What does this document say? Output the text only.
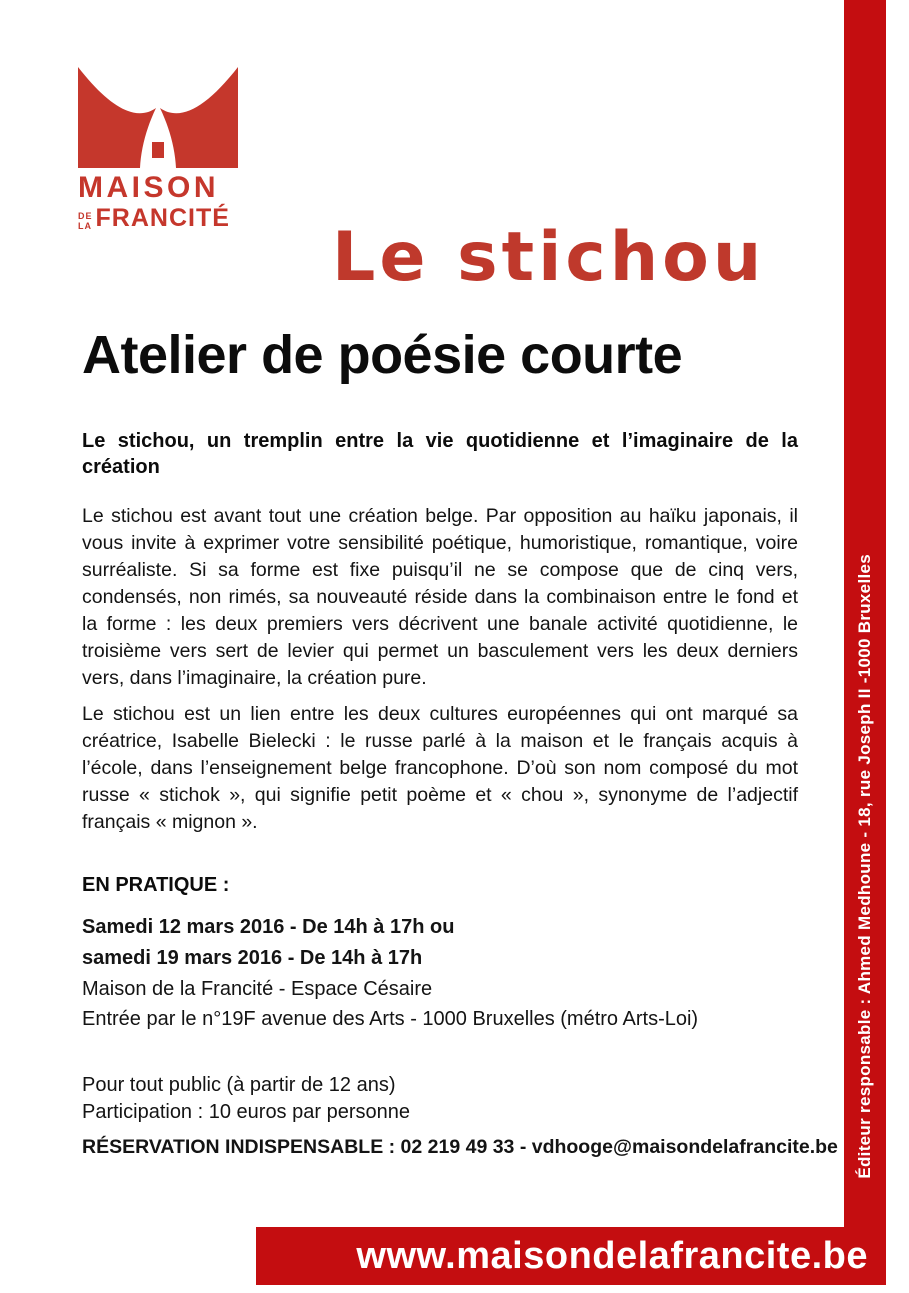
MAISON
DE
LA FRANCITÉ Le stichou
Atelier de poésie courte

Le stichou, un tremplin entre la vie quotidienne et l’imaginaire de la création

Le stichou est avant tout une création belge. Par opposition au haïku japonais, il vous invite à exprimer votre sensibilité poétique, humoristique, romantique, voire surréaliste. Si sa forme est fixe puisqu’il ne se compose que de cinq vers, condensés, non rimés, sa nouveauté réside dans la combinaison entre le fond et la forme : les deux premiers vers décrivent une banale activité quotidienne, le troisième vers sert de levier qui permet un basculement vers les deux derniers vers, dans l’imaginaire, la création pure.

Le stichou est un lien entre les deux cultures européennes qui ont marqué sa créatrice, Isabelle Bielecki : le russe parlé à la maison et le français acquis à l’école, dans l’enseignement belge francophone. D’où son nom composé du mot russe « stichok », qui signifie petit poème et « chou », synonyme de l’adjectif français « mignon ».

EN PRATIQUE :

Samedi 12 mars 2016 - De 14h à 17h ou

samedi 19 mars 2016 - De 14h à 17h

Maison de la Francité - Espace Césaire

Entrée par le n°19F avenue des Arts - 1000 Bruxelles (métro Arts-Loi)

Pour tout public (à partir de 12 ans)

Participation : 10 euros par personne

RÉSERVATION INDISPENSABLE : 02 219 49 33 - vdhooge@maisondelafrancite.be Éditeur responsable : Ahmed Medhoune - 18, rue Joseph II -1000 Bruxelles
www.maisondelafrancite.be
